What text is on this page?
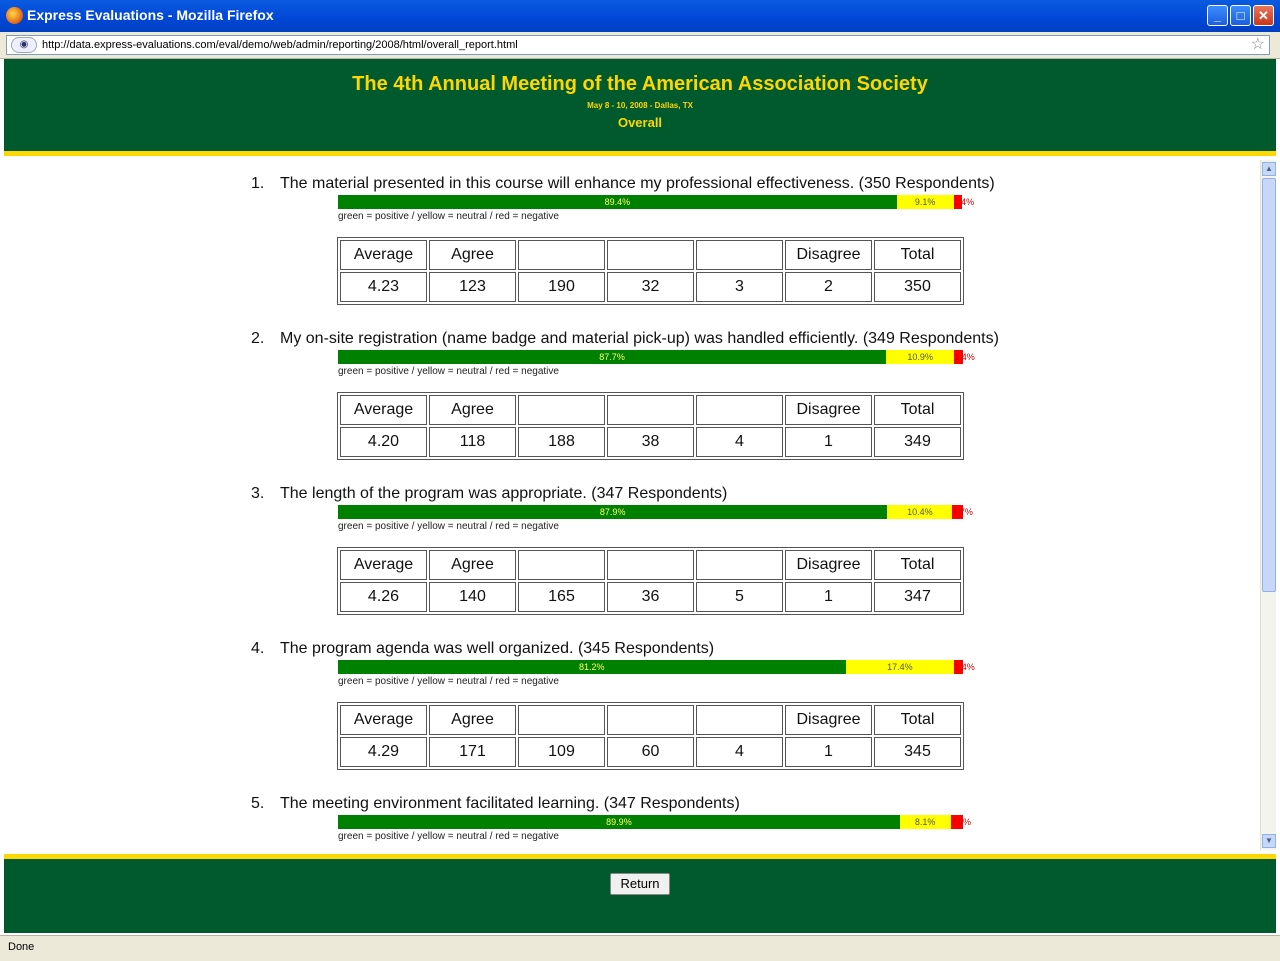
Express Evaluations - Mozilla Firefox	_	□	✕
◉	http://data.express-evaluations.com/eval/demo/web/admin/reporting/2008/html/overall_report.html	☆
The 4th Annual Meeting of the American Association Society
May 8 - 10, 2008 - Dallas, TX
Overall
1. The material presented in this course will enhance my professional effectiveness. (350 Respondents)
89.4%	9.1%	1.4%
green = positive / yellow = neutral / red = negative
Average	Agree				Disagree	Total
4.23	123	190	32	3	2	350
2. My on-site registration (name badge and material pick-up) was handled efficiently. (349 Respondents)
87.7%	10.9%	1.4%
green = positive / yellow = neutral / red = negative
Average	Agree				Disagree	Total
4.20	118	188	38	4	1	349
3. The length of the program was appropriate. (347 Respondents)
87.9%	10.4%	1.7%
green = positive / yellow = neutral / red = negative
Average	Agree				Disagree	Total
4.26	140	165	36	5	1	347
4. The program agenda was well organized. (345 Respondents)
81.2%	17.4%	1.4%
green = positive / yellow = neutral / red = negative
Average	Agree				Disagree	Total
4.29	171	109	60	4	1	345
5. The meeting environment facilitated learning. (347 Respondents)
89.9%	8.1%	2.0%
green = positive / yellow = neutral / red = negative
▲
▼
Return
Done
